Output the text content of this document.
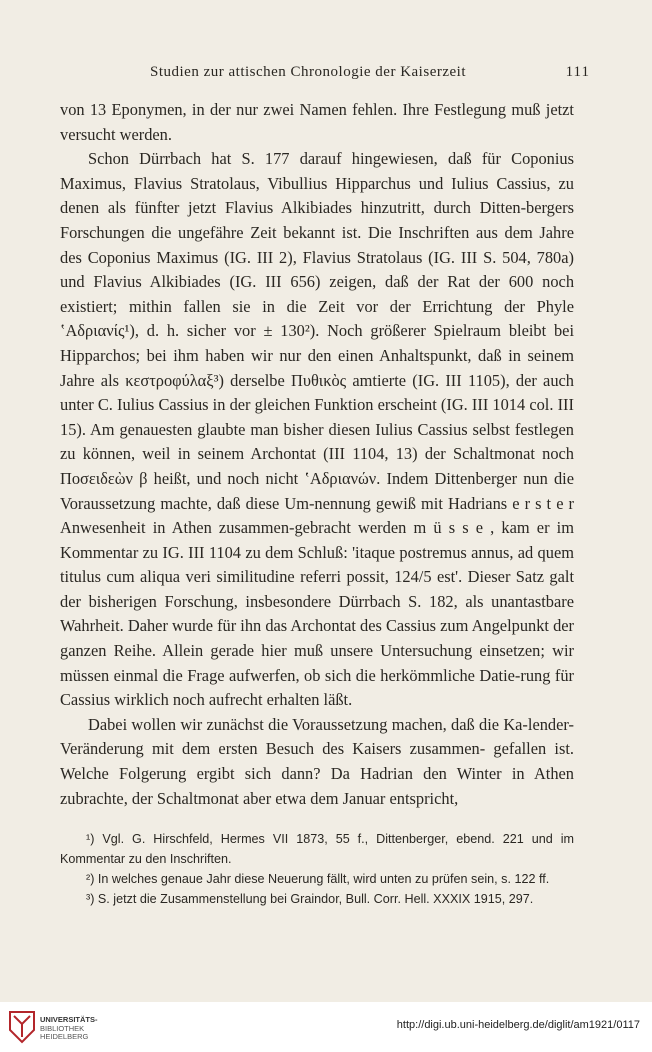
Studien zur attischen Chronologie der Kaiserzeit	111

von 13 Eponymen, in der nur zwei Namen fehlen. Ihre Festlegung muß jetzt versucht werden.

Schon Dürrbach hat S. 177 darauf hingewiesen, daß für Coponius Maximus, Flavius Stratolaus, Vibullius Hipparchus und Iulius Cassius, zu denen als fünfter jetzt Flavius Alkibiades hinzutritt, durch Ditten-bergers Forschungen die ungefähre Zeit bekannt ist. Die Inschriften aus dem Jahre des Coponius Maximus (IG. III 2), Flavius Stratolaus (IG. III S. 504, 780a) und Flavius Alkibiades (IG. III 656) zeigen, daß der Rat der 600 noch existiert; mithin fallen sie in die Zeit vor der Errichtung der Phyle ʽΑδριανίς¹), d. h. sicher vor ± 130²). Noch größerer Spielraum bleibt bei Hipparchos; bei ihm haben wir nur den einen Anhaltspunkt, daß in seinem Jahre als κεστροφύλαξ³) derselbe Πυθικὸς amtierte (IG. III 1105), der auch unter C. Iulius Cassius in der gleichen Funktion erscheint (IG. III 1014 col. III 15). Am genauesten glaubte man bisher diesen Iulius Cassius selbst festlegen zu können, weil in seinem Archontat (III 1104, 13) der Schaltmonat noch Ποσειδεὼν β heißt, und noch nicht ʽΑδριανών. Indem Dittenberger nun die Voraussetzung machte, daß diese Um-nennung gewiß mit Hadrians e r s t e r Anwesenheit in Athen zusammen-gebracht werden m ü s s e , kam er im Kommentar zu IG. III 1104 zu dem Schluß: 'itaque postremus annus, ad quem titulus cum aliqua veri similitudine referri possit, 124/5 est'. Dieser Satz galt der bisherigen Forschung, insbesondere Dürrbach S. 182, als unantastbare Wahrheit. Daher wurde für ihn das Archontat des Cassius zum Angelpunkt der ganzen Reihe. Allein gerade hier muß unsere Untersuchung einsetzen; wir müssen einmal die Frage aufwerfen, ob sich die herkömmliche Datie-rung für Cassius wirklich noch aufrecht erhalten läßt.

Dabei wollen wir zunächst die Voraussetzung machen, daß die Ka-lender-Veränderung mit dem ersten Besuch des Kaisers zusammen- gefallen ist. Welche Folgerung ergibt sich dann? Da Hadrian den Winter in Athen zubrachte, der Schaltmonat aber etwa dem Januar entspricht,

¹) Vgl. G. Hirschfeld, Hermes VII 1873, 55 f., Dittenberger, ebend. 221 und im Kommentar zu den Inschriften.

²) In welches genaue Jahr diese Neuerung fällt, wird unten zu prüfen sein, s. 122 ff.

³) S. jetzt die Zusammenstellung bei Graindor, Bull. Corr. Hell. XXXIX 1915, 297.

UNIVERSITÄTS-
BIBLIOTHEK
HEIDELBERG
http://digi.ub.uni-heidelberg.de/diglit/am1921/0117
